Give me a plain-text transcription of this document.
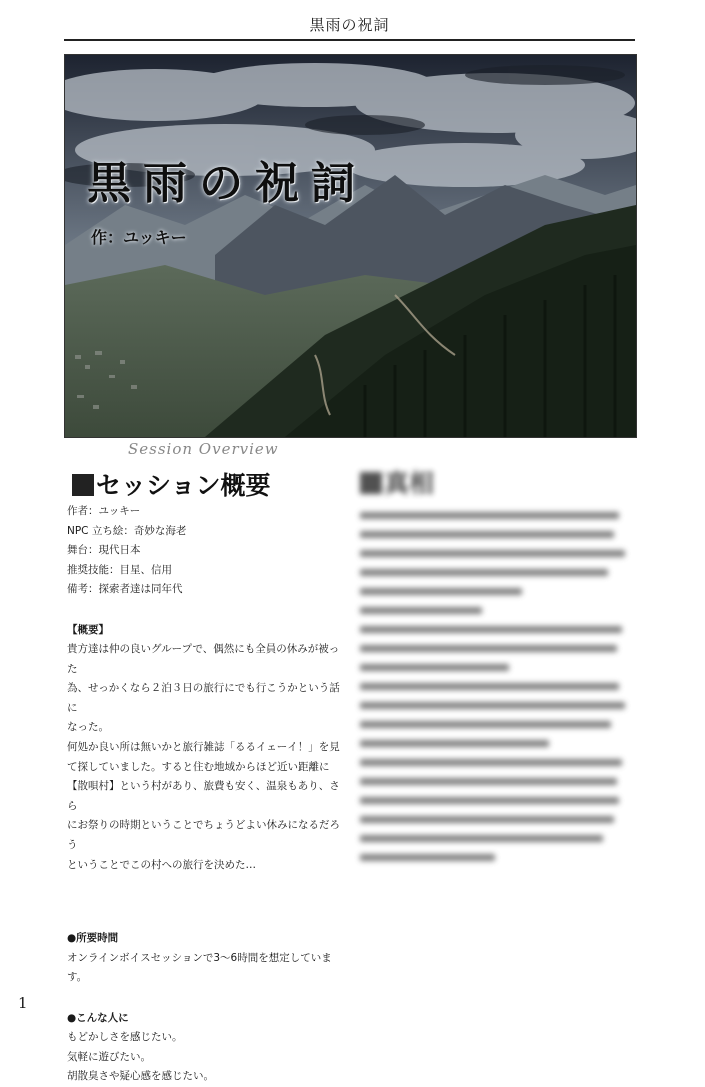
黒雨の祝詞
黒雨の祝詞
作：ユッキー
Session Overview
セッション概要

作者：ユッキー

NPC 立ち絵：奇妙な海老

舞台：現代日本

推奨技能：目星、信用

備考：探索者達は同年代

【概要】

貴方達は仲の良いグループで、偶然にも全員の休みが被った

為、せっかくなら２泊３日の旅行にでも行こうかという話に

なった。

何処か良い所は無いかと旅行雑誌「るるイェーイ！」を見

て探していました。すると住む地域からほど近い距離に

【散唄村】という村があり、旅費も安く、温泉もあり、さら

にお祭りの時期ということでちょうどよい休みになるだろう

ということでこの村への旅行を決めた…

●所要時間

オンラインボイスセッションで3～6時間を想定しています。

●こんな人に

もどかしさを感じたい。

気軽に遊びたい。

胡散臭さや疑心感を感じたい。

真相
1
